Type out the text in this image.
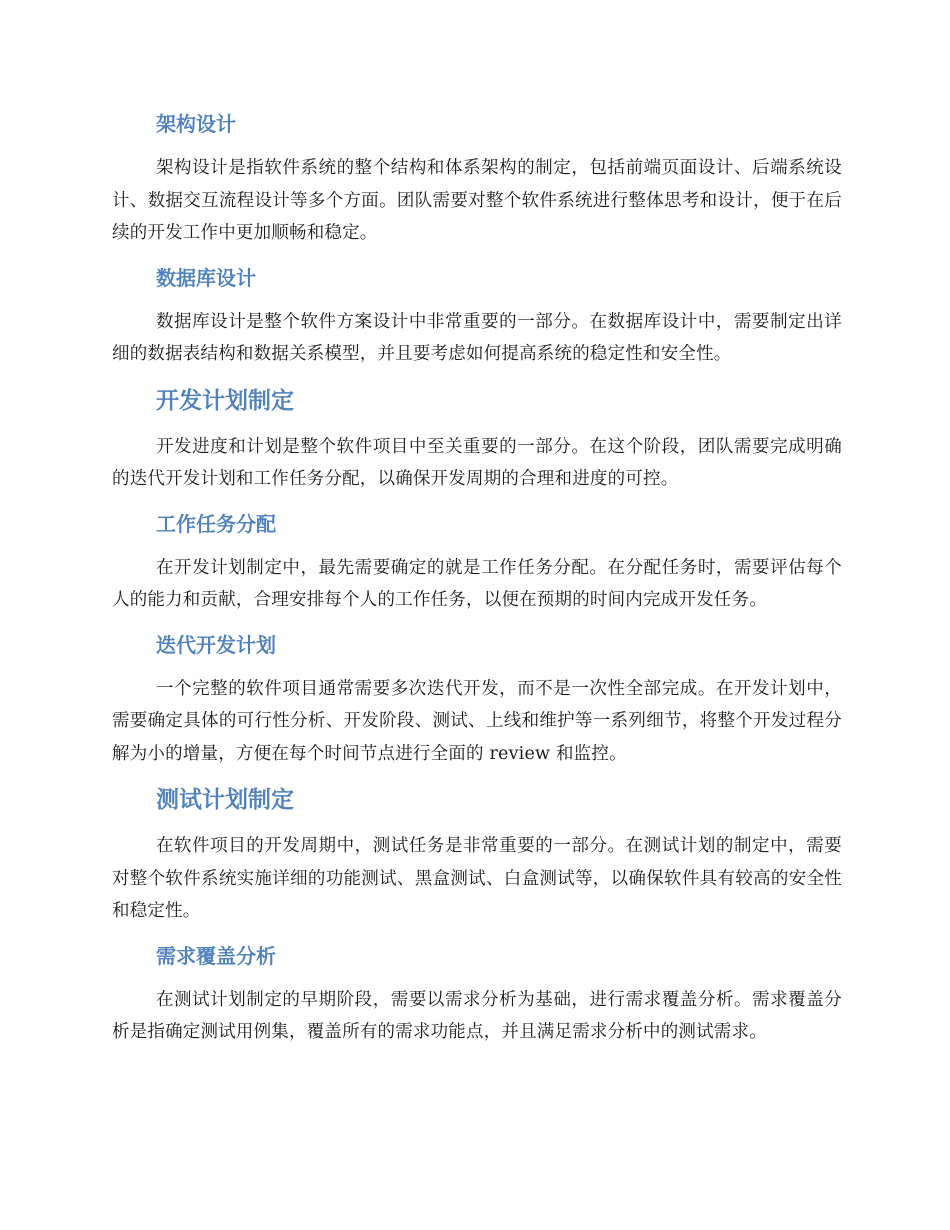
架构设计

架构设计是指软件系统的整个结构和体系架构的制定，包括前端页面设计、后端系统设计、数据交互流程设计等多个方面。团队需要对整个软件系统进行整体思考和设计，便于在后续的开发工作中更加顺畅和稳定。

数据库设计

数据库设计是整个软件方案设计中非常重要的一部分。在数据库设计中，需要制定出详细的数据表结构和数据关系模型，并且要考虑如何提高系统的稳定性和安全性。

开发计划制定

开发进度和计划是整个软件项目中至关重要的一部分。在这个阶段，团队需要完成明确的迭代开发计划和工作任务分配，以确保开发周期的合理和进度的可控。

工作任务分配

在开发计划制定中，最先需要确定的就是工作任务分配。在分配任务时，需要评估每个人的能力和贡献，合理安排每个人的工作任务，以便在预期的时间内完成开发任务。

迭代开发计划

一个完整的软件项目通常需要多次迭代开发，而不是一次性全部完成。在开发计划中，需要确定具体的可行性分析、开发阶段、测试、上线和维护等一系列细节，将整个开发过程分解为小的增量，方便在每个时间节点进行全面的 review 和监控。

测试计划制定

在软件项目的开发周期中，测试任务是非常重要的一部分。在测试计划的制定中，需要对整个软件系统实施详细的功能测试、黑盒测试、白盒测试等，以确保软件具有较高的安全性和稳定性。

需求覆盖分析

在测试计划制定的早期阶段，需要以需求分析为基础，进行需求覆盖分析。需求覆盖分析是指确定测试用例集，覆盖所有的需求功能点，并且满足需求分析中的测试需求。
